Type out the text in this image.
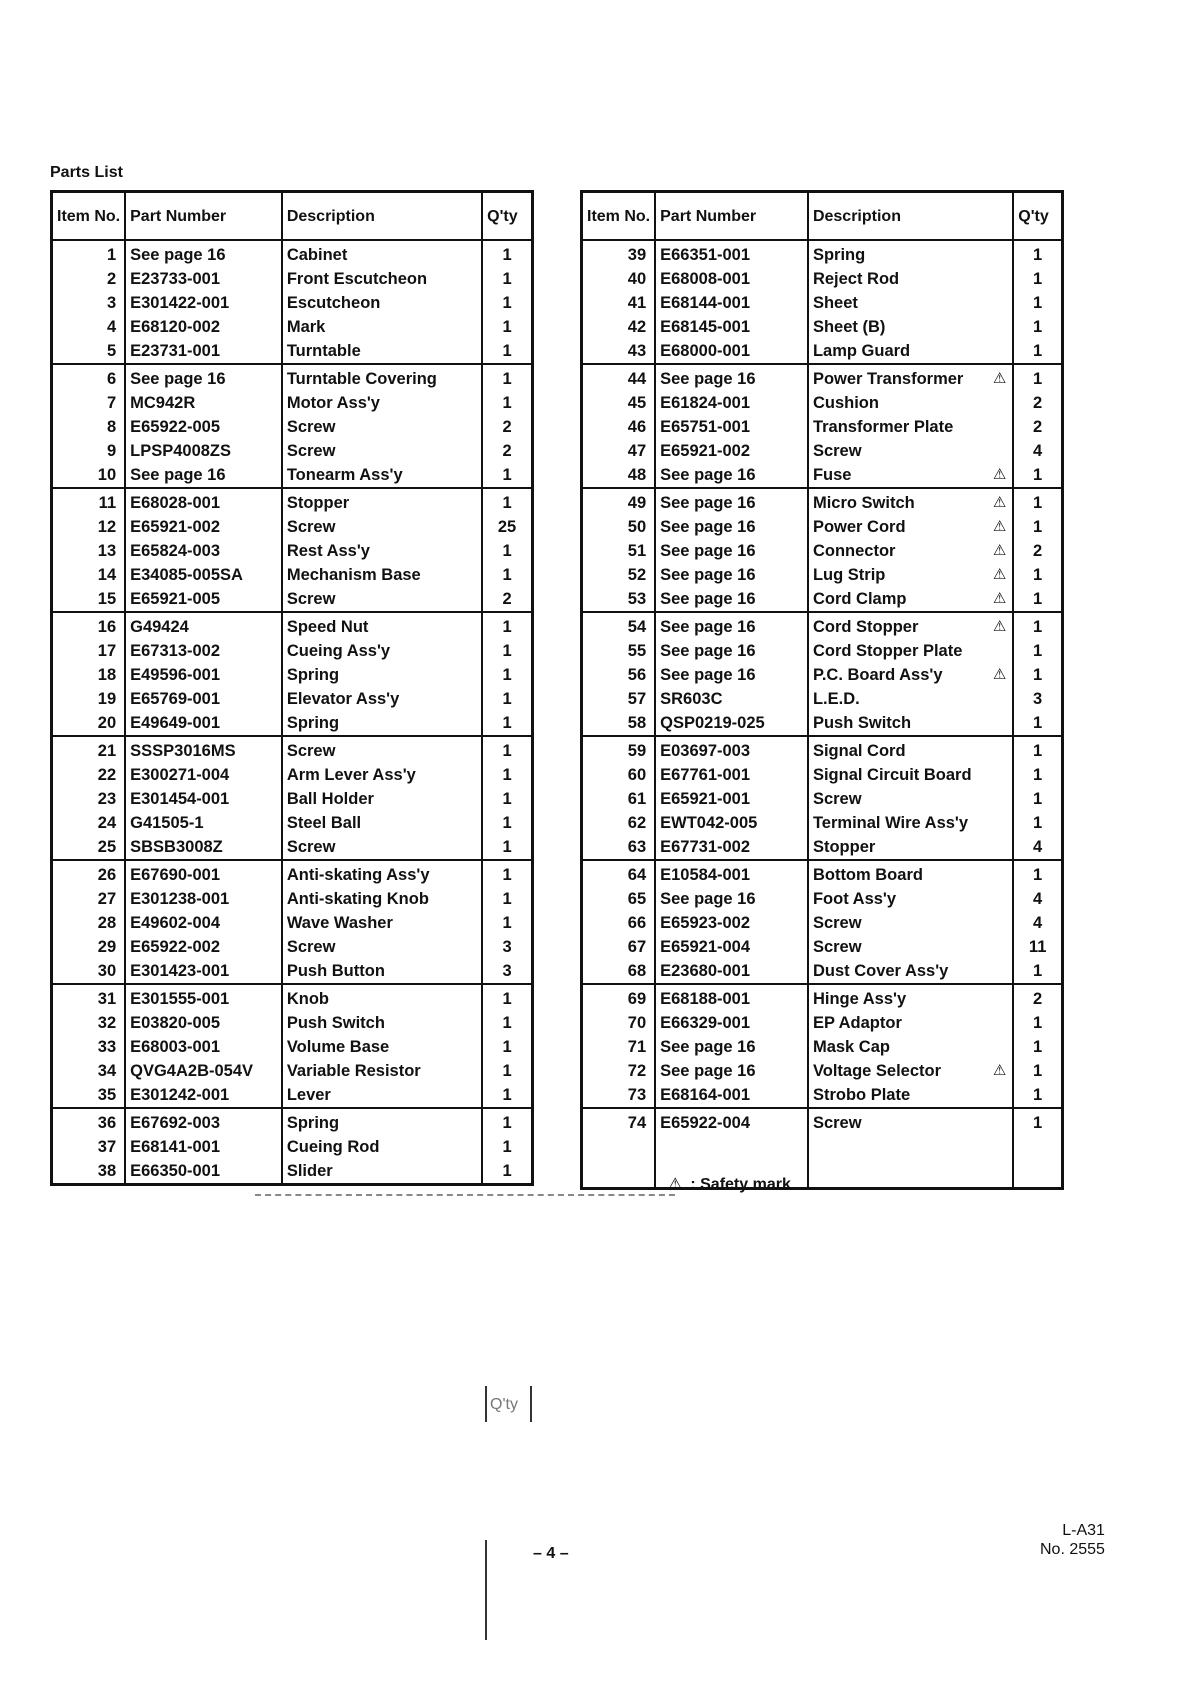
Parts List
Item No.	Part Number	Description	Q'ty
1	See page 16	Cabinet	1
2	E23733-001	Front Escutcheon	1
3	E301422-001	Escutcheon	1
4	E68120-002	Mark	1
5	E23731-001	Turntable	1
6	See page 16	Turntable Covering	1
7	MC942R	Motor Ass'y	1
8	E65922-005	Screw	2
9	LPSP4008ZS	Screw	2
10	See page 16	Tonearm Ass'y	1
11	E68028-001	Stopper	1
12	E65921-002	Screw	25
13	E65824-003	Rest Ass'y	1
14	E34085-005SA	Mechanism Base	1
15	E65921-005	Screw	2
16	G49424	Speed Nut	1
17	E67313-002	Cueing Ass'y	1
18	E49596-001	Spring	1
19	E65769-001	Elevator Ass'y	1
20	E49649-001	Spring	1
21	SSSP3016MS	Screw	1
22	E300271-004	Arm Lever Ass'y	1
23	E301454-001	Ball Holder	1
24	G41505-1	Steel Ball	1
25	SBSB3008Z	Screw	1
26	E67690-001	Anti-skating Ass'y	1
27	E301238-001	Anti-skating Knob	1
28	E49602-004	Wave Washer	1
29	E65922-002	Screw	3
30	E301423-001	Push Button	3
31	E301555-001	Knob	1
32	E03820-005	Push Switch	1
33	E68003-001	Volume Base	1
34	QVG4A2B-054V	Variable Resistor	1
35	E301242-001	Lever	1
36	E67692-003	Spring	1
37	E68141-001	Cueing Rod	1
38	E66350-001	Slider	1
Item No.	Part Number	Description	Q'ty
39	E66351-001	Spring	1
40	E68008-001	Reject Rod	1
41	E68144-001	Sheet	1
42	E68145-001	Sheet (B)	1
43	E68000-001	Lamp Guard	1
44	See page 16	Power Transformer ⚠	1
45	E61824-001	Cushion	2
46	E65751-001	Transformer Plate	2
47	E65921-002	Screw	4
48	See page 16	Fuse ⚠	1
49	See page 16	Micro Switch ⚠	1
50	See page 16	Power Cord ⚠	1
51	See page 16	Connector ⚠	2
52	See page 16	Lug Strip ⚠	1
53	See page 16	Cord Clamp ⚠	1
54	See page 16	Cord Stopper ⚠	1
55	See page 16	Cord Stopper Plate	1
56	See page 16	P.C. Board Ass'y ⚠	1
57	SR603C	L.E.D.	3
58	QSP0219-025	Push Switch	1
59	E03697-003	Signal Cord	1
60	E67761-001	Signal Circuit Board	1
61	E65921-001	Screw	1
62	EWT042-005	Terminal Wire Ass'y	1
63	E67731-002	Stopper	4
64	E10584-001	Bottom Board	1
65	See page 16	Foot Ass'y	4
66	E65923-002	Screw	4
67	E65921-004	Screw	11
68	E23680-001	Dust Cover Ass'y	1
69	E68188-001	Hinge Ass'y	2
70	E66329-001	EP Adaptor	1
71	See page 16	Mask Cap	1
72	See page 16	Voltage Selector ⚠	1
73	E68164-001	Strobo Plate	1
74	E65922-004	Screw	1

⚠ : Safety mark
Q'ty
– 4 –
L-A31
No. 2555
